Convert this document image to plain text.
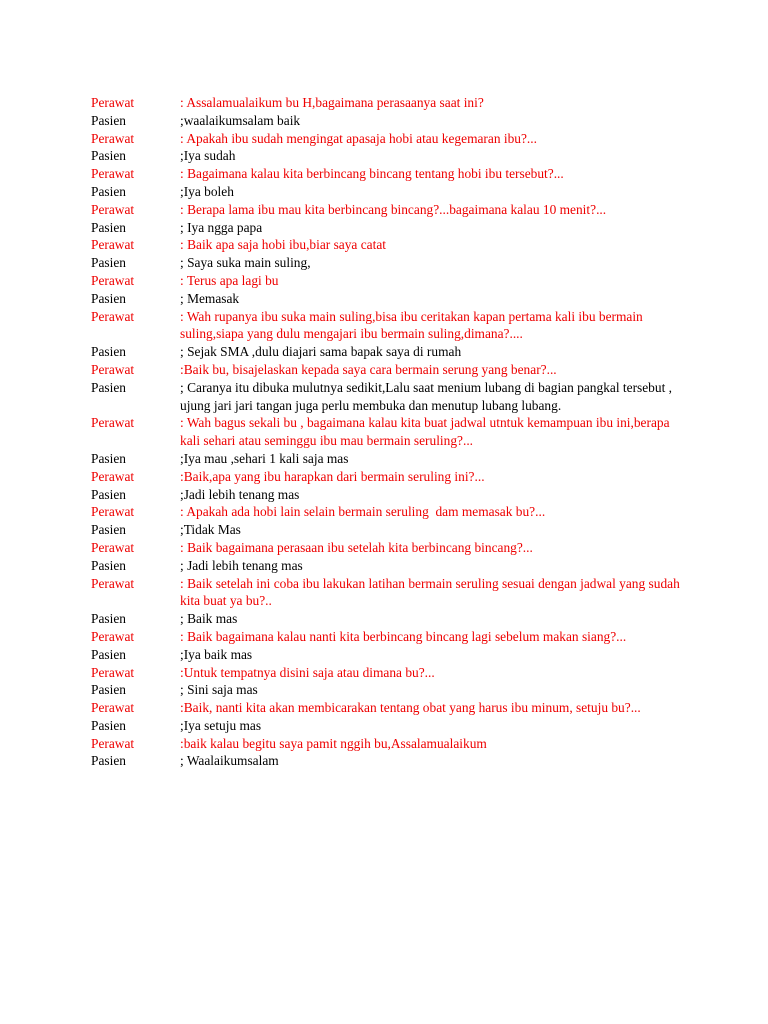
Perawat	: Assalamualaikum bu H,bagaimana perasaanya saat ini?
Pasien	;waalaikumsalam baik
Perawat	: Apakah ibu sudah mengingat apasaja hobi atau kegemaran ibu?...
Pasien	;Iya sudah
Perawat	: Bagaimana kalau kita berbincang bincang tentang hobi ibu tersebut?...
Pasien	;Iya boleh
Perawat	: Berapa lama ibu mau kita berbincang bincang?...bagaimana kalau 10 menit?...
Pasien	; Iya ngga papa
Perawat	: Baik apa saja hobi ibu,biar saya catat
Pasien	; Saya suka main suling,
Perawat	: Terus apa lagi bu
Pasien	; Memasak
Perawat	: Wah rupanya ibu suka main suling,bisa ibu ceritakan kapan pertama kali ibu bermain suling,siapa yang dulu mengajari ibu bermain suling,dimana?....
Pasien	; Sejak SMA ,dulu diajari sama bapak saya di rumah
Perawat	:Baik bu, bisajelaskan kepada saya cara bermain serung yang benar?...
Pasien	; Caranya itu dibuka mulutnya sedikit,Lalu saat menium lubang di bagian pangkal tersebut , ujung jari jari tangan juga perlu membuka dan menutup lubang lubang.
Perawat	: Wah bagus sekali bu , bagaimana kalau kita buat jadwal utntuk kemampuan ibu ini,berapa kali sehari atau seminggu ibu mau bermain seruling?...
Pasien	;Iya mau ,sehari 1 kali saja mas
Perawat	:Baik,apa yang ibu harapkan dari bermain seruling ini?...
Pasien	;Jadi lebih tenang mas
Perawat	: Apakah ada hobi lain selain bermain seruling  dam memasak bu?...
Pasien	;Tidak Mas
Perawat	: Baik bagaimana perasaan ibu setelah kita berbincang bincang?...
Pasien	; Jadi lebih tenang mas
Perawat	: Baik setelah ini coba ibu lakukan latihan bermain seruling sesuai dengan jadwal yang sudah kita buat ya bu?..
Pasien	; Baik mas
Perawat	: Baik bagaimana kalau nanti kita berbincang bincang lagi sebelum makan siang?...
Pasien	;Iya baik mas
Perawat	:Untuk tempatnya disini saja atau dimana bu?...
Pasien	; Sini saja mas
Perawat	:Baik, nanti kita akan membicarakan tentang obat yang harus ibu minum, setuju bu?...
Pasien	;Iya setuju mas
Perawat	:baik kalau begitu saya pamit nggih bu,Assalamualaikum
Pasien	; Waalaikumsalam
